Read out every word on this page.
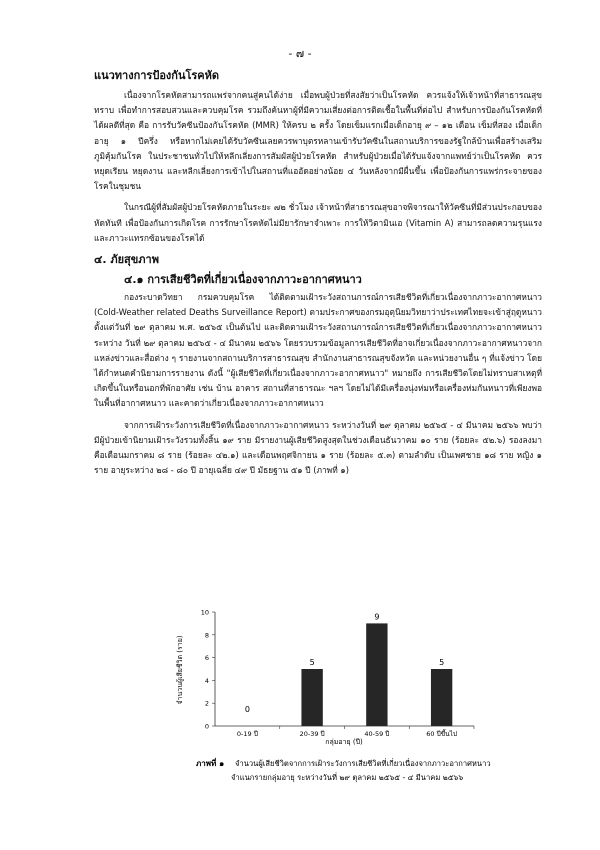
- ๗ -
แนวทางการป้องกันโรคหัด

เนื่องจากโรคหัดสามารถแพร่จากคนสู่คนได้ง่าย เมื่อพบผู้ป่วยที่สงสัยว่าเป็นโรคหัด ควรแจ้งให้เจ้าหน้าที่สาธารณสุขทราบ เพื่อทำการสอบสวนและควบคุมโรค รวมถึงค้นหาผู้ที่มีความเสี่ยงต่อการติดเชื้อในพื้นที่ต่อไป สำหรับการป้องกันโรคหัดที่ได้ผลดีที่สุด คือ การรับวัคซีนป้องกันโรคหัด (MMR) ให้ครบ ๒ ครั้ง โดยเข็มแรกเมื่อเด็กอายุ ๙ – ๑๒ เดือน เข็มที่สอง เมื่อเด็กอายุ ๑ ปีครึ่ง หรือหากไม่เคยได้รับวัคซีนเลยควรพาบุตรหลานเข้ารับวัคซีนในสถานบริการของรัฐใกล้บ้านเพื่อสร้างเสริมภูมิคุ้มกันโรค ในประชาชนทั่วไปให้หลีกเลี่ยงการสัมผัสผู้ป่วยโรคหัด สำหรับผู้ป่วยเมื่อได้รับแจ้งจากแพทย์ว่าเป็นโรคหัด ควรหยุดเรียน หยุดงาน และหลีกเลี่ยงการเข้าไปในสถานที่แออัดอย่างน้อย ๔ วันหลังจากมีผื่นขึ้น เพื่อป้องกันการแพร่กระจายของโรคในชุมชน

ในกรณีผู้ที่สัมผัสผู้ป่วยโรคหัดภายในระยะ ๗๒ ชั่วโมง เจ้าหน้าที่สาธารณสุขอาจพิจารณาให้วัคซีนที่มีส่วนประกอบของหัดทันที เพื่อป้องกันการเกิดโรค การรักษาโรคหัดไม่มียารักษาจำเพาะ การให้วิตามินเอ (Vitamin A) สามารถลดความรุนแรงและภาวะแทรกซ้อนของโรคได้

๔. ภัยสุขภาพ
๔.๑ การเสียชีวิตที่เกี่ยวเนื่องจากภาวะอากาศหนาว

กองระบาดวิทยา กรมควบคุมโรค ได้ติดตามเฝ้าระวังสถานการณ์การเสียชีวิตที่เกี่ยวเนื่องจากภาวะอากาศหนาว (Cold-Weather related Deaths Surveillance Report) ตามประกาศของกรมอุตุนิยมวิทยาว่าประเทศไทยจะเข้าสู่ฤดูหนาวตั้งแต่วันที่ ๒๙ ตุลาคม พ.ศ. ๒๕๖๕ เป็นต้นไป และติดตามเฝ้าระวังสถานการณ์การเสียชีวิตที่เกี่ยวเนื่องจากภาวะอากาศหนาวระหว่าง วันที่ ๒๙ ตุลาคม ๒๕๖๕ - ๔ มีนาคม ๒๕๖๖ โดยรวบรวมข้อมูลการเสียชีวิตที่อาจเกี่ยวเนื่องจากภาวะอากาศหนาวจากแหล่งข่าวและสื่อต่าง ๆ รายงานจากสถานบริการสาธารณสุข สำนักงานสาธารณสุขจังหวัด และหน่วยงานอื่น ๆ ที่แจ้งข่าว โดยได้กำหนดคำนิยามการรายงาน ดังนี้ "ผู้เสียชีวิตที่เกี่ยวเนื่องจากภาวะอากาศหนาว" หมายถึง การเสียชีวิตโดยไม่ทราบสาเหตุที่เกิดขึ้นในหรือนอกที่พักอาศัย เช่น บ้าน อาคาร สถานที่สาธารณะ ฯลฯ โดยไม่ได้มีเครื่องนุ่งห่มหรือเครื่องห่มกันหนาวที่เพียงพอในพื้นที่อากาศหนาว และคาดว่าเกี่ยวเนื่องจากภาวะอากาศหนาว

จากการเฝ้าระวังการเสียชีวิตที่เนื่องจากภาวะอากาศหนาว ระหว่างวันที่ ๒๙ ตุลาคม ๒๕๖๕ - ๔ มีนาคม ๒๕๖๖ พบว่ามีผู้ป่วยเข้านิยามเฝ้าระวังรวมทั้งสิ้น ๑๙ ราย มีรายงานผู้เสียชีวิตสูงสุดในช่วงเดือนธันวาคม ๑๐ ราย (ร้อยละ ๕๒.๖) รองลงมาคือเดือนมกราคม ๘ ราย (ร้อยละ ๔๒.๑) และเดือนพฤศจิกายน ๑ ราย (ร้อยละ ๕.๓) ตามลำดับ เป็นเพศชาย ๑๘ ราย หญิง ๑ ราย อายุระหว่าง ๒๘ - ๘๐ ปี อายุเฉลี่ย ๔๙ ปี มัธยฐาน ๕๑ ปี (ภาพที่ ๑)

จำนวนผู้เสียชีวิต (ราย)
กลุ่มอายุ (ปี)
ภาพที่ ๑ จำนวนผู้เสียชีวิตจากการเฝ้าระวังการเสียชีวิตที่เกี่ยวเนื่องจากภาวะอากาศหนาว
จำแนกรายกลุ่มอายุ ระหว่างวันที่ ๒๙ ตุลาคม ๒๕๖๕ - ๔ มีนาคม ๒๕๖๖
0
2
4
6
8
10
0
0-19 ปี
5
20-39 ปี
9
40-59 ปี
5
60 ปีขึ้นไป
